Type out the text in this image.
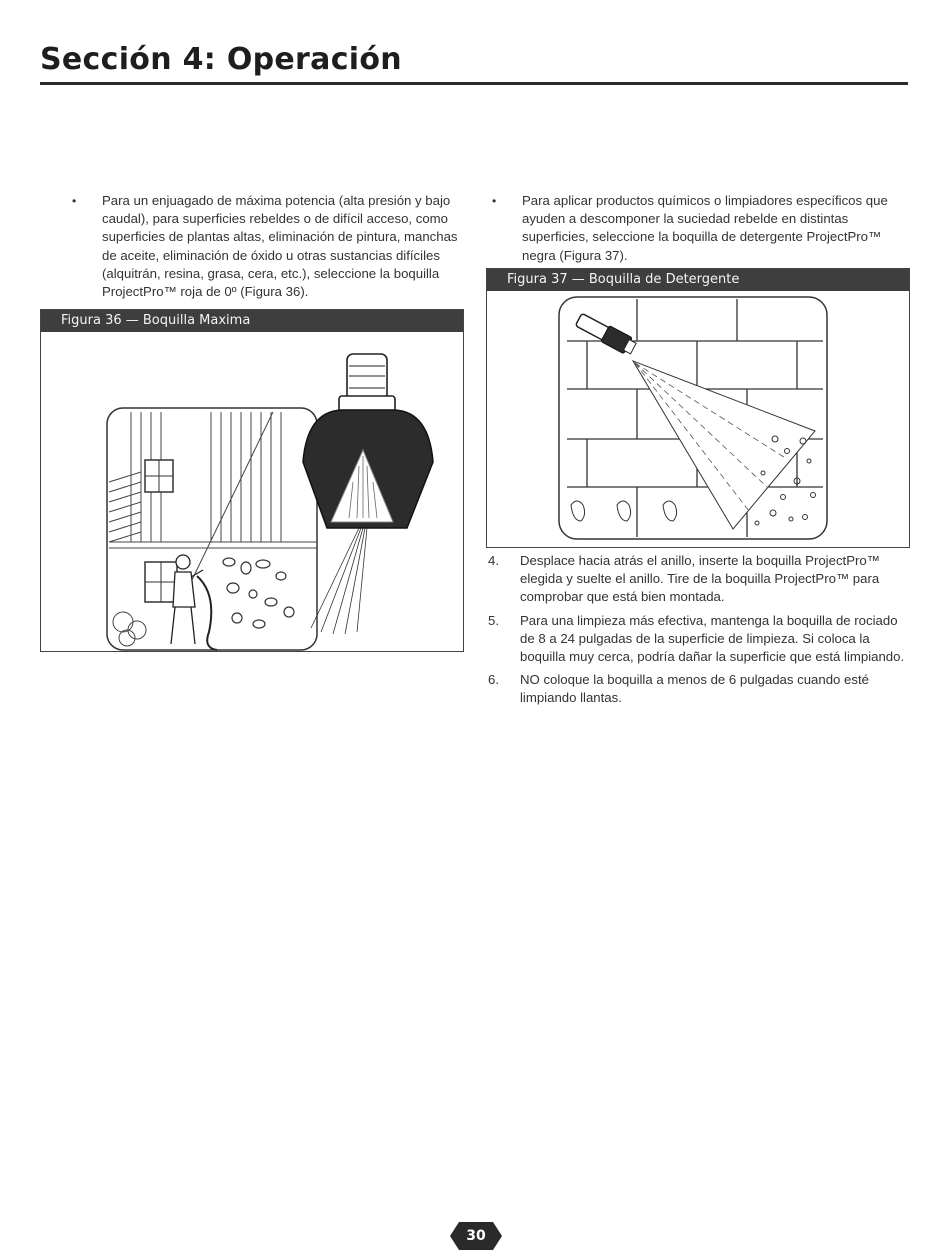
Sección 4: Operación
• Para un enjuagado de máxima potencia (alta presión y bajo caudal), para superficies rebeldes o de difícil acceso, como superficies de plantas altas, eliminación de pintura, manchas de aceite, eliminación de óxido u otras sustancias difíciles (alquitrán, resina, grasa, cera, etc.), seleccione la boquilla ProjectPro™ roja de 0º (Figura 36).
Figura 36 — Boquilla Maxima
• Para aplicar productos químicos o limpiadores específicos que ayuden a descomponer la suciedad rebelde en distintas superficies, seleccione la boquilla de detergente ProjectPro™ negra (Figura 37).
Figura 37 — Boquilla de Detergente
4. Desplace hacia atrás el anillo, inserte la boquilla ProjectPro™ elegida y suelte el anillo. Tire de la boquilla ProjectPro™ para comprobar que está bien montada.
5. Para una limpieza más efectiva, mantenga la boquilla de rociado de 8 a 24 pulgadas de la superficie de limpieza. Si coloca la boquilla muy cerca, podría dañar la superficie que está limpiando.
6. NO coloque la boquilla a menos de 6 pulgadas cuando esté limpiando llantas.
30
